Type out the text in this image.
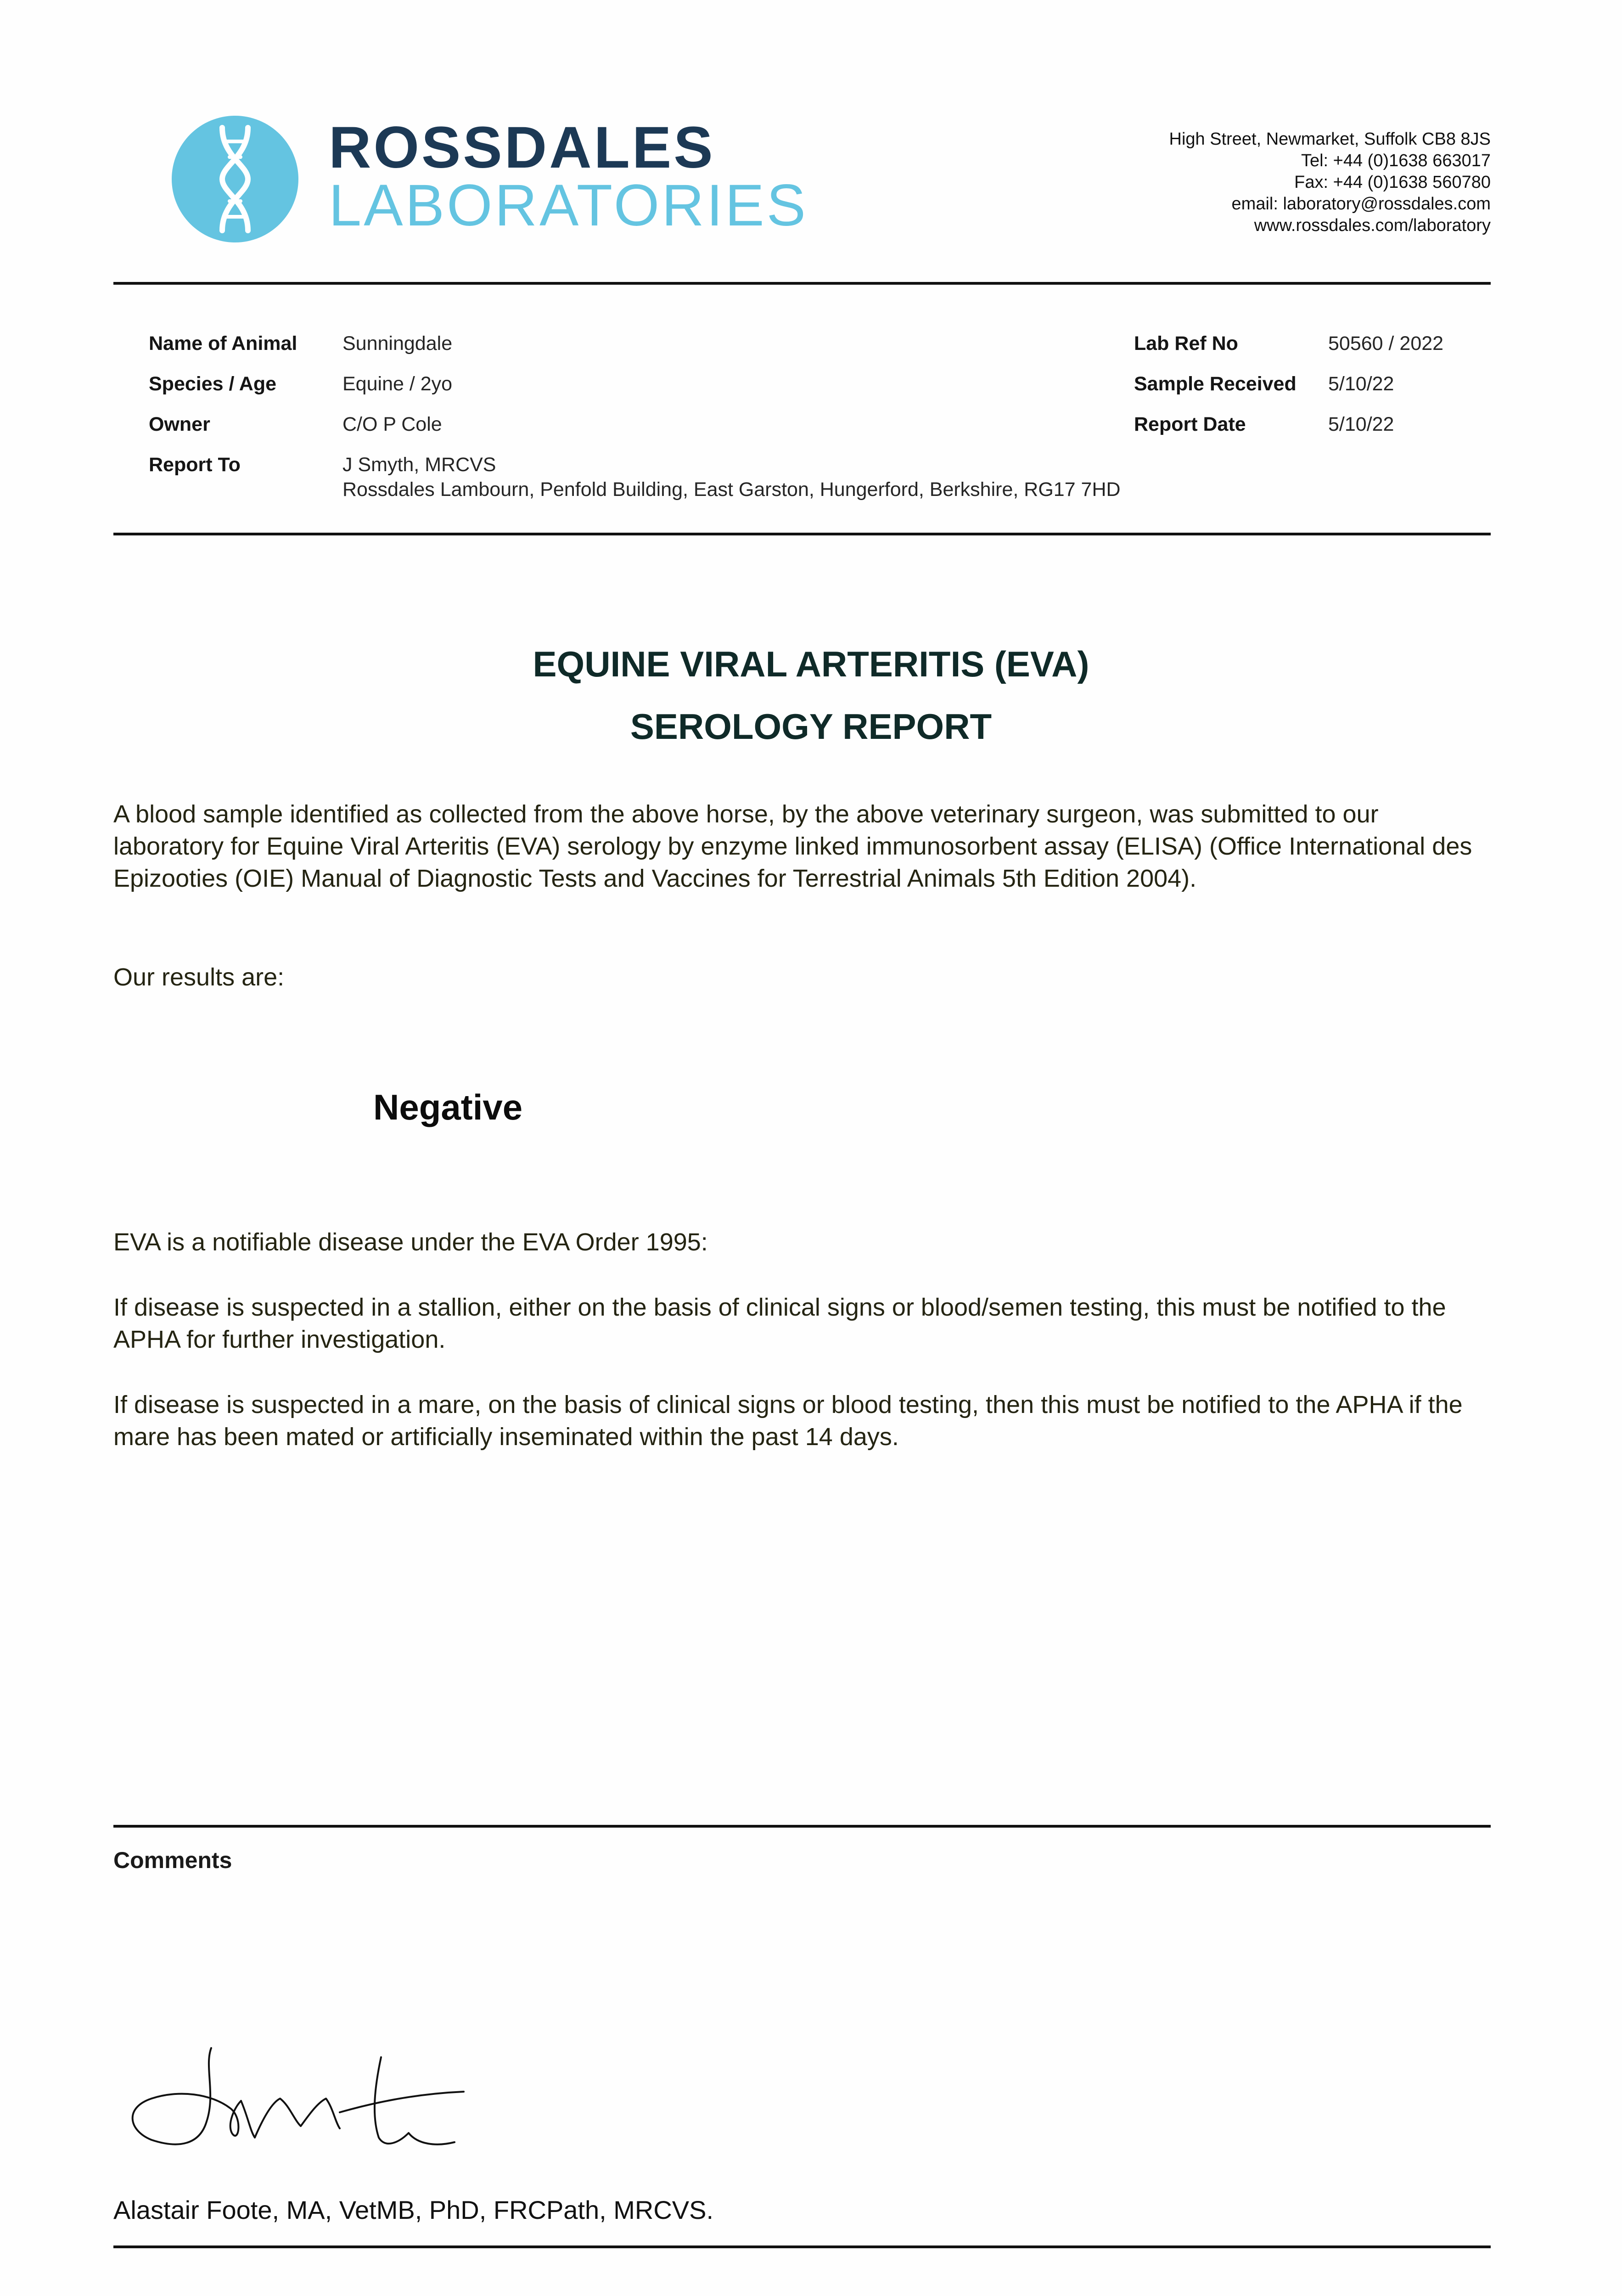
ROSSDALES
LABORATORIES
High Street, Newmarket, Suffolk CB8 8JS
Tel: +44 (0)1638 663017
Fax: +44 (0)1638 560780
email: laboratory@rossdales.com
www.rossdales.com/laboratory
Name of Animal Sunningdale
Species / Age	Equine / 2yo
Owner	C/O P Cole
Report To	J Smyth, MRCVS
Rossdales Lambourn, Penfold Building, East Garston, Hungerford, Berkshire, RG17 7HD
Lab Ref No	50560 / 2022
Sample Received 5/10/22
Report Date	5/10/22
EQUINE VIRAL ARTERITIS (EVA)
SEROLOGY REPORT
A blood sample identified as collected from the above horse, by the above veterinary surgeon, was submitted to our laboratory for Equine Viral Arteritis (EVA) serology by enzyme linked immunosorbent assay (ELISA) (Office International des Epizooties (OIE) Manual of Diagnostic Tests and Vaccines for Terrestrial Animals 5th Edition 2004).
Our results are:
Negative
EVA is a notifiable disease under the EVA Order 1995:
If disease is suspected in a stallion, either on the basis of clinical signs or blood/semen testing, this must be notified to the APHA for further investigation.
If disease is suspected in a mare, on the basis of clinical signs or blood testing, then this must be notified to the APHA if the mare has been mated or artificially inseminated within the past 14 days.
Comments
Alastair Foote, MA, VetMB, PhD, FRCPath, MRCVS.
